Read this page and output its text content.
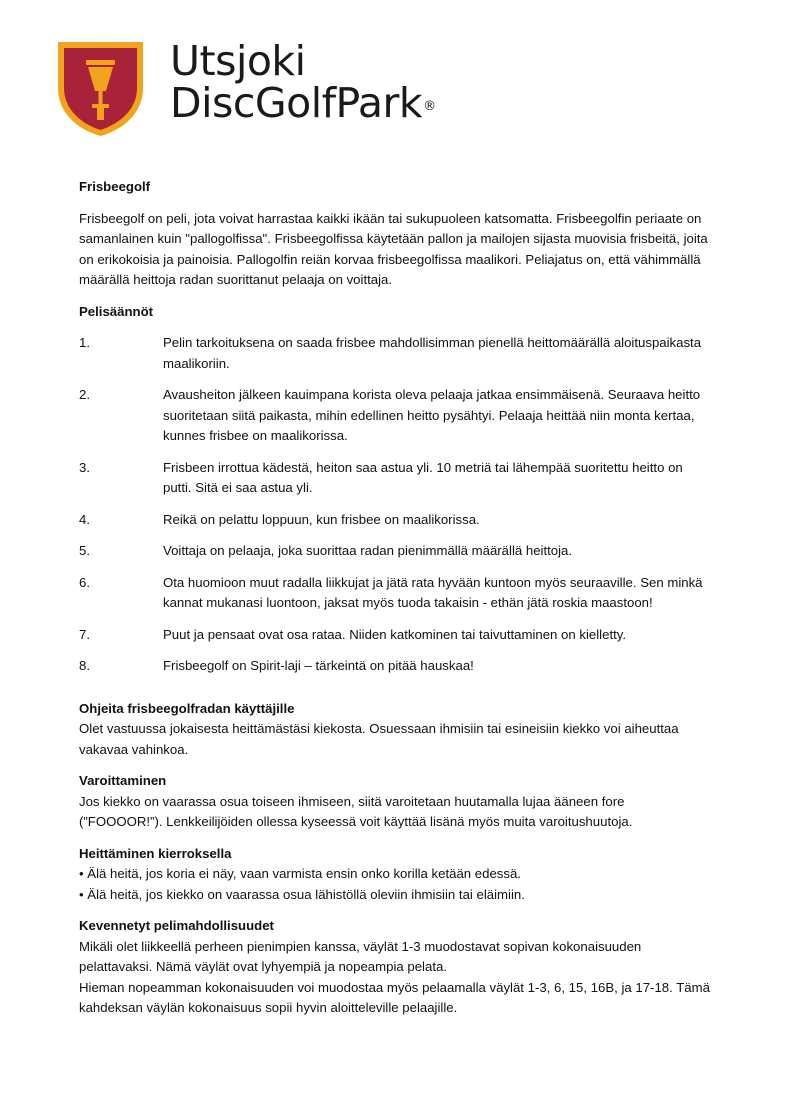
Utsjoki
DiscGolfPark®
Frisbeegolf

Frisbeegolf on peli, jota voivat harrastaa kaikki ikään tai sukupuoleen katsomatta. Frisbeegolfin periaate on samanlainen kuin "pallogolfissa". Frisbeegolfissa käytetään pallon ja mailojen sijasta muovisia frisbeitä, joita on erikokoisia ja painoisia. Pallogolfin reiän korvaa frisbeegolfissa maalikori. Peliajatus on, että vähimmällä määrällä heittoja radan suorittanut pelaaja on voittaja.

Pelisäännöt
1.	Pelin tarkoituksena on saada frisbee mahdollisimman pienellä heittomäärällä aloituspaikasta maalikoriin.
2.	Avausheiton jälkeen kauimpana korista oleva pelaaja jatkaa ensimmäisenä. Seuraava heitto suoritetaan siitä paikasta, mihin edellinen heitto pysähtyi. Pelaaja heittää niin monta kertaa, kunnes frisbee on maalikorissa.
3.	Frisbeen irrottua kädestä, heiton saa astua yli. 10 metriä tai lähempää suoritettu heitto on putti. Sitä ei saa astua yli.
4.	Reikä on pelattu loppuun, kun frisbee on maalikorissa.
5.	Voittaja on pelaaja, joka suorittaa radan pienimmällä määrällä heittoja.
6.	Ota huomioon muut radalla liikkujat ja jätä rata hyvään kuntoon myös seuraaville. Sen minkä kannat mukanasi luontoon, jaksat myös tuoda takaisin - ethän jätä roskia maastoon!
7.	Puut ja pensaat ovat osa rataa. Niiden katkominen tai taivuttaminen on kielletty.
8.	Frisbeegolf on Spirit-laji – tärkeintä on pitää hauskaa!
Ohjeita frisbeegolfradan käyttäjille

Olet vastuussa jokaisesta heittämästäsi kiekosta. Osuessaan ihmisiin tai esineisiin kiekko voi aiheuttaa vakavaa vahinkoa.

Varoittaminen

Jos kiekko on vaarassa osua toiseen ihmiseen, siitä varoitetaan huutamalla lujaa ääneen fore (”FOOOOR!”). Lenkkeilijöiden ollessa kyseessä voit käyttää lisänä myös muita varoitushuutoja.

Heittäminen kierroksella

• Älä heitä, jos koria ei näy, vaan varmista ensin onko korilla ketään edessä.

• Älä heitä, jos kiekko on vaarassa osua lähistöllä oleviin ihmisiin tai eläimiin.

Kevennetyt pelimahdollisuudet

Mikäli olet liikkeellä perheen pienimpien kanssa, väylät 1-3 muodostavat sopivan kokonaisuuden pelattavaksi. Nämä väylät ovat lyhyempiä ja nopeampia pelata.

Hieman nopeamman kokonaisuuden voi muodostaa myös pelaamalla väylät 1-3, 6, 15, 16B, ja 17-18. Tämä kahdeksan väylän kokonaisuus sopii hyvin aloitteleville pelaajille.
